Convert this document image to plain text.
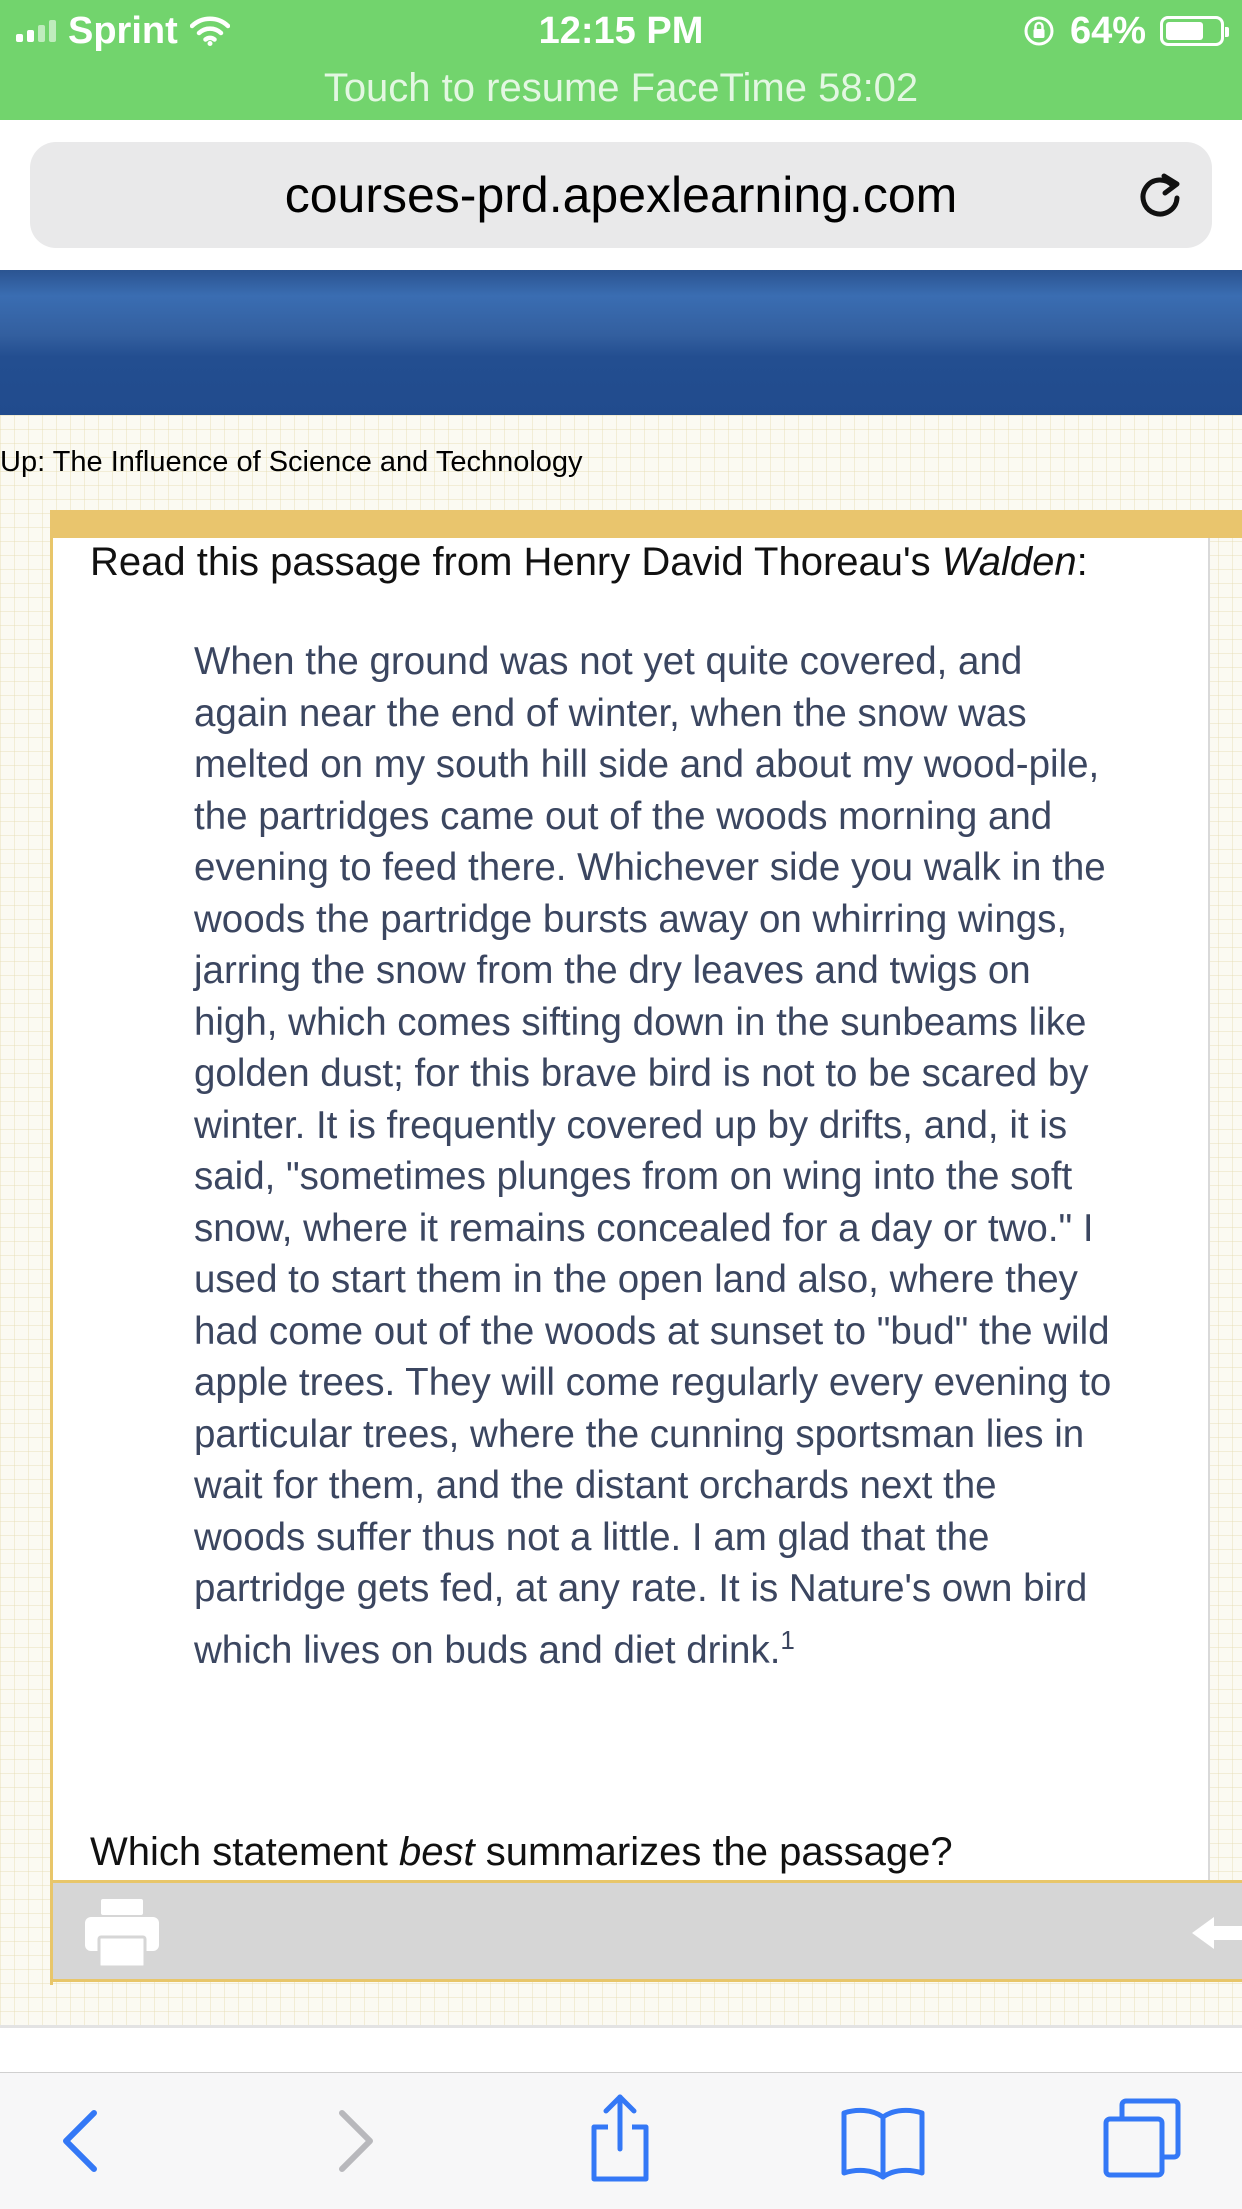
Sprint	12:15 PM	64%
Touch to resume FaceTime 58:02
courses-prd.apexlearning.com
Up: The Influence of Science and Technology
Read this passage from Henry David Thoreau's Walden:
When the ground was not yet quite covered, and again near the end of winter, when the snow was melted on my south hill side and about my wood-pile, the partridges came out of the woods morning and evening to feed there. Whichever side you walk in the woods the partridge bursts away on whirring wings, jarring the snow from the dry leaves and twigs on high, which comes sifting down in the sunbeams like golden dust; for this brave bird is not to be scared by winter. It is frequently covered up by drifts, and, it is said, "sometimes plunges from on wing into the soft snow, where it remains concealed for a day or two." I used to start them in the open land also, where they had come out of the woods at sunset to "bud" the wild apple trees. They will come regularly every evening to particular trees, where the cunning sportsman lies in wait for them, and the distant orchards next the woods suffer thus not a little. I am glad that the partridge gets fed, at any rate. It is Nature's own bird which lives on buds and diet drink.$^1$
Which statement best summarizes the passage?
